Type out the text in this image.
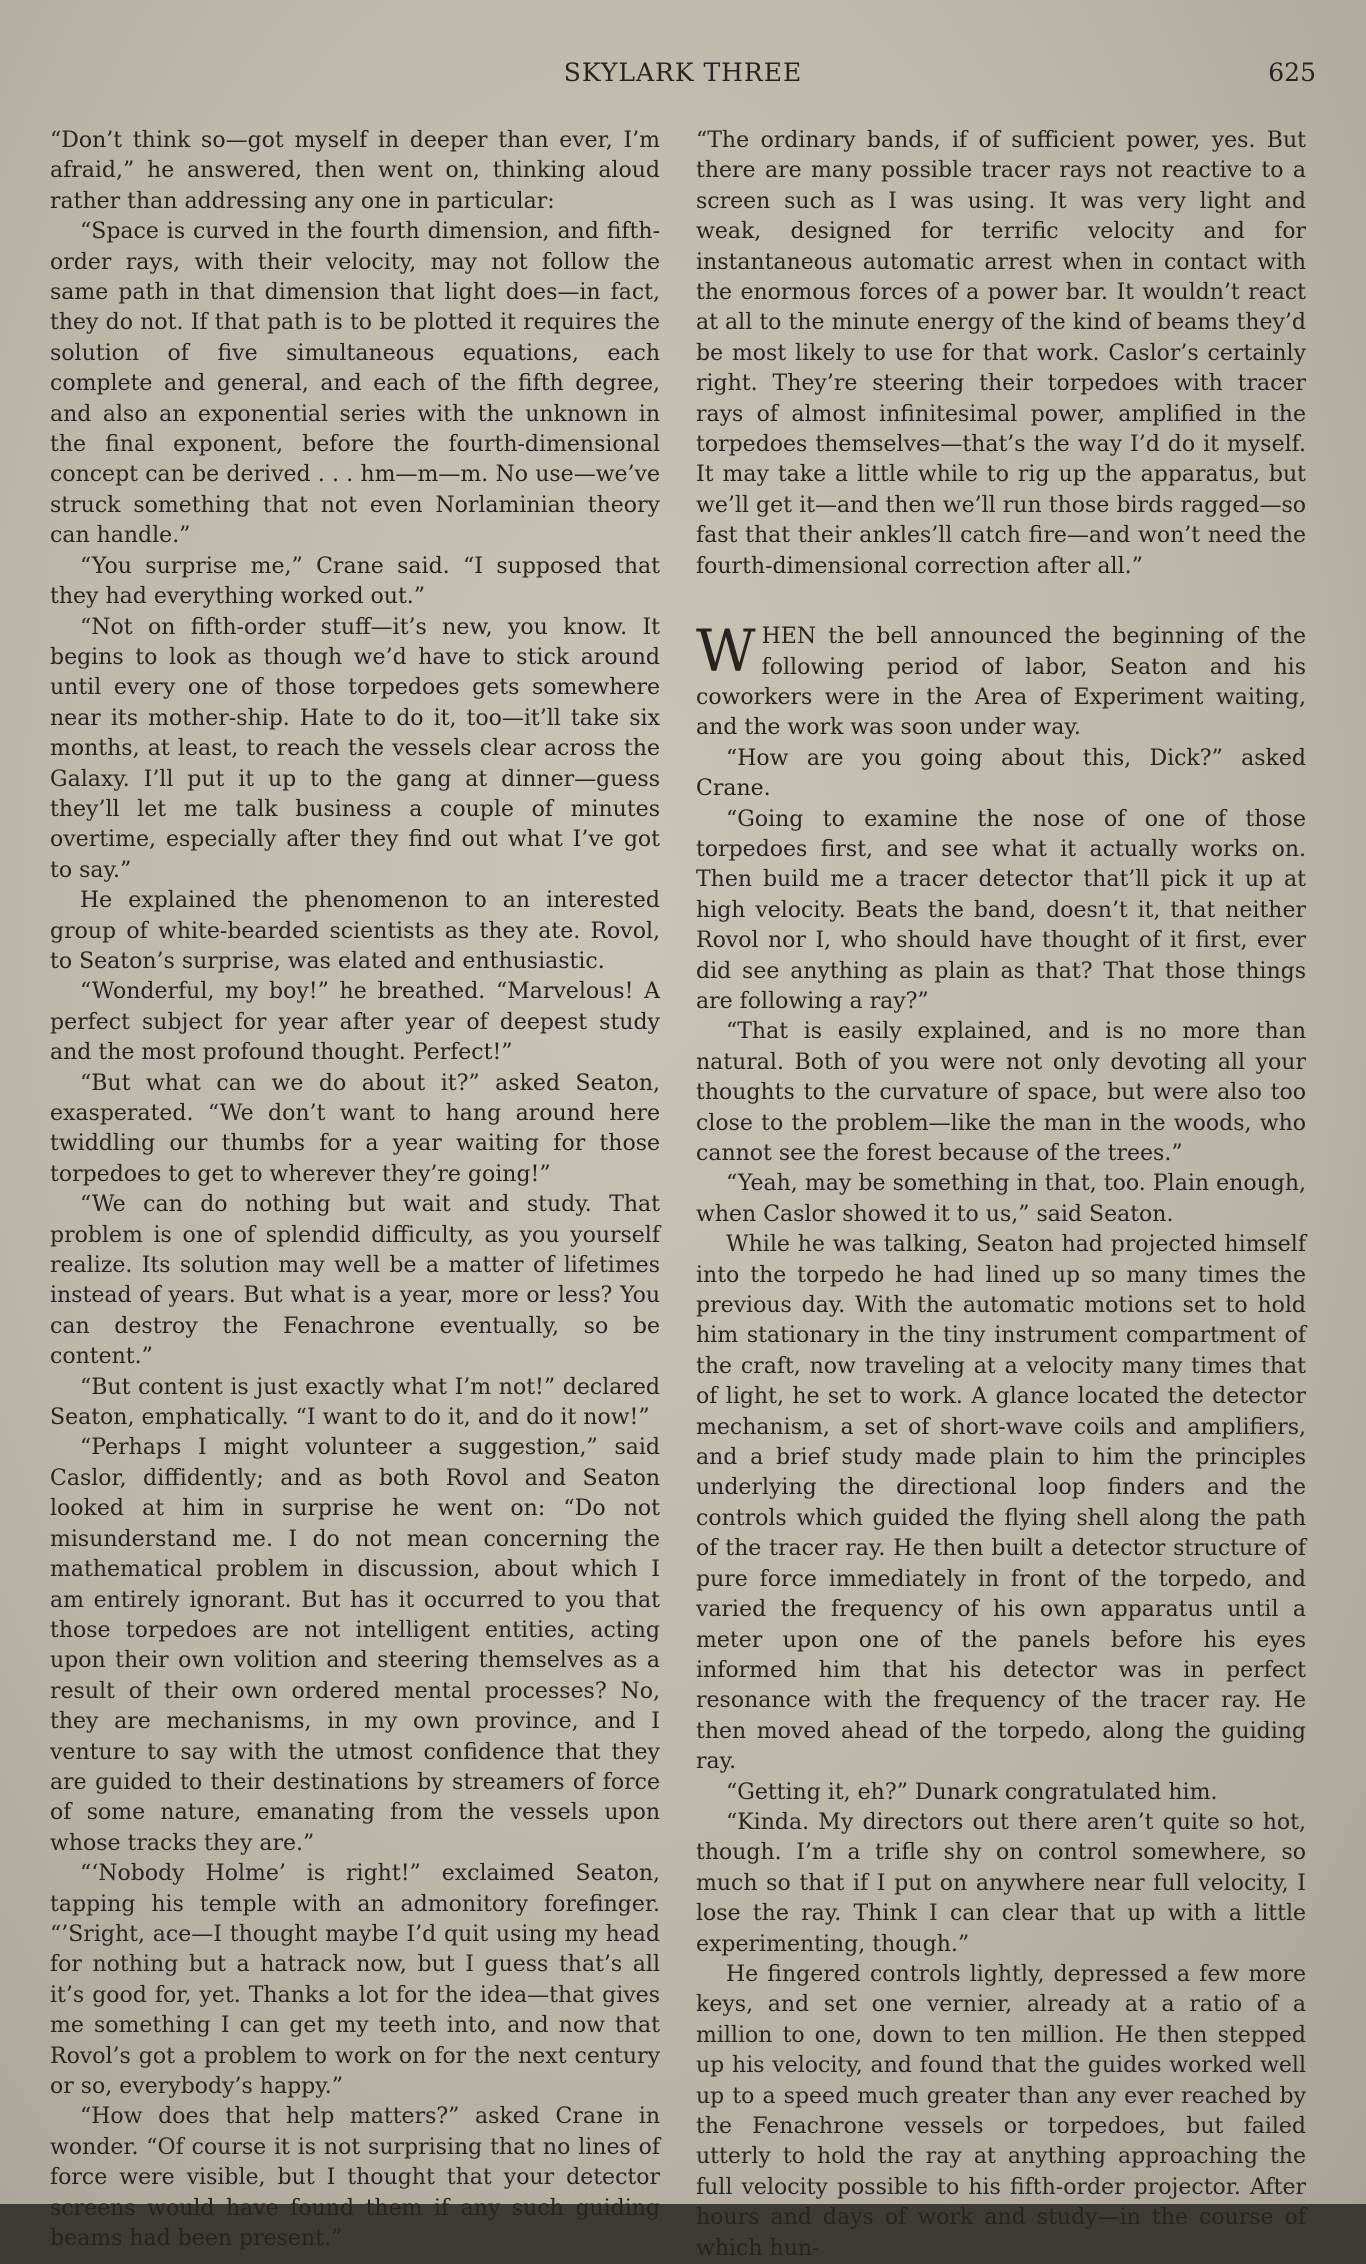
SKYLARK THREE	625

“Don’t think so—got myself in deeper than ever, I’m afraid,” he answered, then went on, thinking aloud rather than addressing any one in particular:

“Space is curved in the fourth dimension, and fifth-order rays, with their velocity, may not follow the same path in that dimension that light does—in fact, they do not. If that path is to be plotted it requires the solution of five simultaneous equations, each complete and general, and each of the fifth degree, and also an exponential series with the unknown in the final exponent, before the fourth-dimensional concept can be derived . . . hm—m—m. No use—we’ve struck something that not even Norlaminian theory can handle.”

“You surprise me,” Crane said. “I supposed that they had everything worked out.”

“Not on fifth-order stuff—it’s new, you know. It begins to look as though we’d have to stick around until every one of those torpedoes gets somewhere near its mother-ship. Hate to do it, too—it’ll take six months, at least, to reach the vessels clear across the Galaxy. I’ll put it up to the gang at dinner—guess they’ll let me talk business a couple of minutes overtime, especially after they find out what I’ve got to say.”

He explained the phenomenon to an interested group of white-bearded scientists as they ate. Rovol, to Seaton’s surprise, was elated and enthusiastic.

“Wonderful, my boy!” he breathed. “Marvelous! A perfect subject for year after year of deepest study and the most profound thought. Perfect!”

“But what can we do about it?” asked Seaton, exasperated. “We don’t want to hang around here twiddling our thumbs for a year waiting for those torpedoes to get to wherever they’re going!”

“We can do nothing but wait and study. That problem is one of splendid difficulty, as you yourself realize. Its solution may well be a matter of lifetimes instead of years. But what is a year, more or less? You can destroy the Fenachrone eventually, so be content.”

“But content is just exactly what I’m not!” declared Seaton, emphatically. “I want to do it, and do it now!”

“Perhaps I might volunteer a suggestion,” said Caslor, diffidently; and as both Rovol and Seaton looked at him in surprise he went on: “Do not misunderstand me. I do not mean concerning the mathematical problem in discussion, about which I am entirely ignorant. But has it occurred to you that those torpedoes are not intelligent entities, acting upon their own volition and steering themselves as a result of their own ordered mental processes? No, they are mechanisms, in my own province, and I venture to say with the utmost confidence that they are guided to their destinations by streamers of force of some nature, emanating from the vessels upon whose tracks they are.”

“‘Nobody Holme’ is right!” exclaimed Seaton, tapping his temple with an admonitory forefinger. “’Sright, ace—I thought maybe I’d quit using my head for nothing but a hatrack now, but I guess that’s all it’s good for, yet. Thanks a lot for the idea—that gives me something I can get my teeth into, and now that Rovol’s got a problem to work on for the next century or so, everybody’s happy.”

“How does that help matters?” asked Crane in wonder. “Of course it is not surprising that no lines of force were visible, but I thought that your detector screens would have found them if any such guiding beams had been present.”

“The ordinary bands, if of sufficient power, yes. But there are many possible tracer rays not reactive to a screen such as I was using. It was very light and weak, designed for terrific velocity and for instantaneous automatic arrest when in contact with the enormous forces of a power bar. It wouldn’t react at all to the minute energy of the kind of beams they’d be most likely to use for that work. Caslor’s certainly right. They’re steering their torpedoes with tracer rays of almost infinitesimal power, amplified in the torpedoes themselves—that’s the way I’d do it myself. It may take a little while to rig up the apparatus, but we’ll get it—and then we’ll run those birds ragged—so fast that their ankles’ll catch fire—and won’t need the fourth-dimensional correction after all.”

WHEN the bell announced the beginning of the following period of labor, Seaton and his coworkers were in the Area of Experiment waiting, and the work was soon under way.

“How are you going about this, Dick?” asked Crane.

“Going to examine the nose of one of those torpedoes first, and see what it actually works on. Then build me a tracer detector that’ll pick it up at high velocity. Beats the band, doesn’t it, that neither Rovol nor I, who should have thought of it first, ever did see anything as plain as that? That those things are following a ray?”

“That is easily explained, and is no more than natural. Both of you were not only devoting all your thoughts to the curvature of space, but were also too close to the problem—like the man in the woods, who cannot see the forest because of the trees.”

“Yeah, may be something in that, too. Plain enough, when Caslor showed it to us,” said Seaton.

While he was talking, Seaton had projected himself into the torpedo he had lined up so many times the previous day. With the automatic motions set to hold him stationary in the tiny instrument compartment of the craft, now traveling at a velocity many times that of light, he set to work. A glance located the detector mechanism, a set of short-wave coils and amplifiers, and a brief study made plain to him the principles underlying the directional loop finders and the controls which guided the flying shell along the path of the tracer ray. He then built a detector structure of pure force immediately in front of the torpedo, and varied the frequency of his own apparatus until a meter upon one of the panels before his eyes informed him that his detector was in perfect resonance with the frequency of the tracer ray. He then moved ahead of the torpedo, along the guiding ray.

“Getting it, eh?” Dunark congratulated him.

“Kinda. My directors out there aren’t quite so hot, though. I’m a trifle shy on control somewhere, so much so that if I put on anywhere near full velocity, I lose the ray. Think I can clear that up with a little experimenting, though.”

He fingered controls lightly, depressed a few more keys, and set one vernier, already at a ratio of a million to one, down to ten million. He then stepped up his velocity, and found that the guides worked well up to a speed much greater than any ever reached by the Fenachrone vessels or torpedoes, but failed utterly to hold the ray at anything approaching the full velocity possible to his fifth-order projector. After hours and days of work and study—in the course of which hun-
